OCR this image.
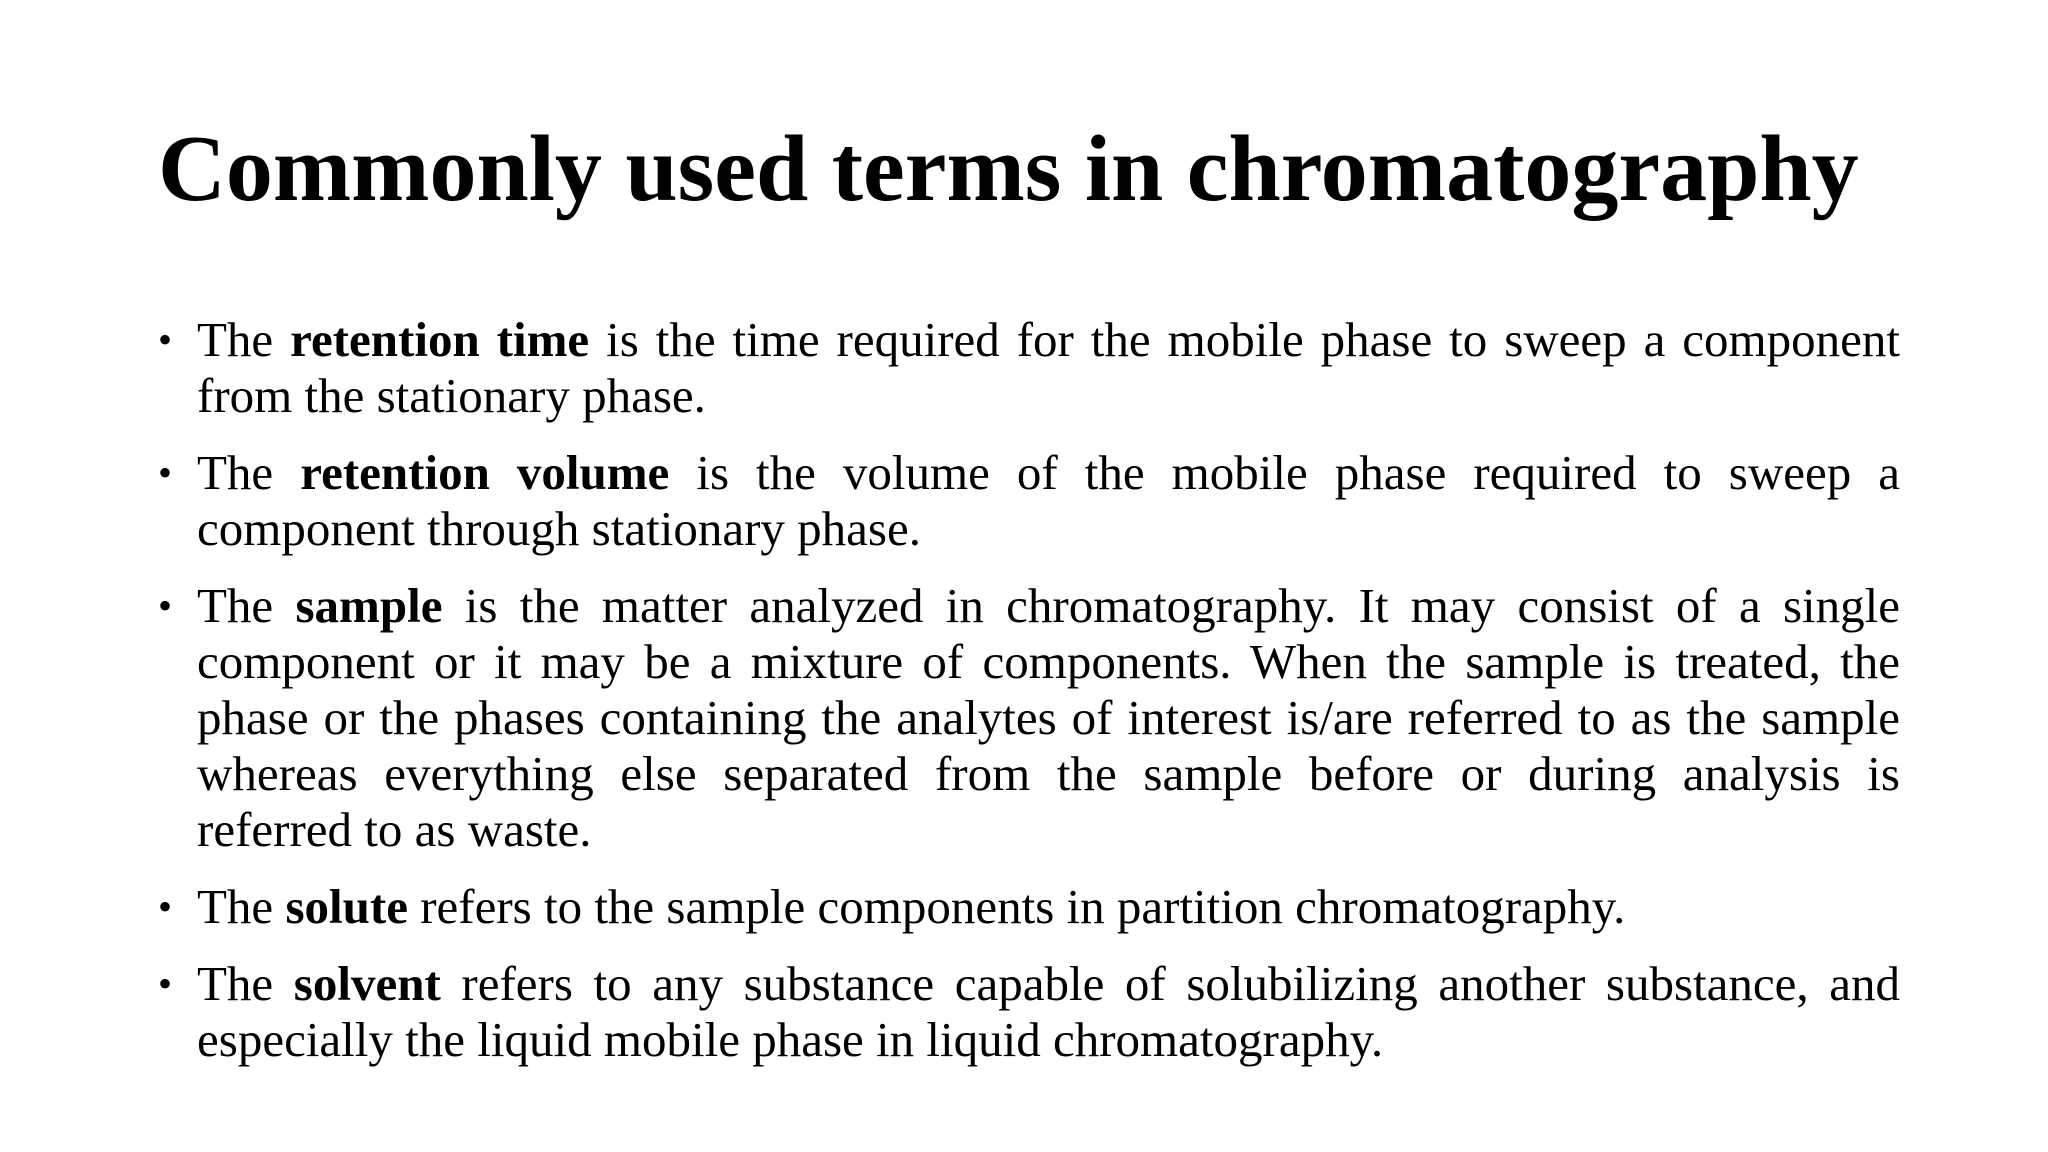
Commonly used terms in chromatography
• The retention time is the time required for the mobile phase to sweep a component from the stationary phase.
• The retention volume is the volume of the mobile phase required to sweep a component through stationary phase.
• The sample is the matter analyzed in chromatography. It may consist of a single component or it may be a mixture of components. When the sample is treated, the phase or the phases containing the analytes of interest is/are referred to as the sample whereas everything else separated from the sample before or during analysis is referred to as waste.
• The solute refers to the sample components in partition chromatography.
• The solvent refers to any substance capable of solubilizing another substance, and especially the liquid mobile phase in liquid chromatography.
